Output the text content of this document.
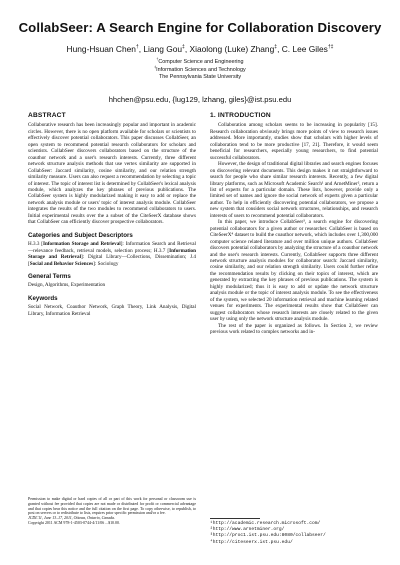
CollabSeer: A Search Engine for Collaboration Discovery
Hung-Hsuan Chen†, Liang Gou‡, Xiaolong (Luke) Zhang‡, C. Lee Giles†‡
†Computer Science and Engineering
‡Information Sciences and Technology
The Pennsylvania State University
hhchen@psu.edu, {lug129, lzhang, giles}@ist.psu.edu
ABSTRACT

Collaborative research has been increasingly popular and important in academic circles. However, there is no open platform available for scholars or scientists to effectively discover potential collaborators. This paper discusses CollabSeer, an open system to recommend potential research collaborators for scholars and scientists. CollabSeer discovers collaborators based on the structure of the coauthor network and a user's research interests. Currently, three different network structure analysis methods that use vertex similarity are supported in CollabSeer: Jaccard similarity, cosine similarity, and our relation strength similarity measure. Users can also request a recommendation by selecting a topic of interest. The topic of interest list is determined by CollabSeer's lexical analysis module, which analyzes the key phrases of previous publications. The CollabSeer system is highly modularized making it easy to add or replace the network analysis module or users' topic of interest analysis module. CollabSeer integrates the results of the two modules to recommend collaborators to users. Initial experimental results over the a subset of the CiteSeerX database shows that CollabSeer can efficiently discover prospective collaborators.

Categories and Subject Descriptors

H.3.3 [Information Storage and Retrieval]: Information Search and Retrieval—relevance feedback, retrieval models, selection process; H.3.7 [Information Storage and Retrieval]: Digital Library—Collections, Dissemination; J.4 [Social and Behavior Sciences]: Sociology

General Terms

Design, Algorithms, Experimentation

Keywords

Social Network, Coauthor Network, Graph Theory, Link Analysis, Digital Library, Information Retrieval

Permission to make digital or hard copies of all or part of this work for personal or classroom use is granted without fee provided that copies are not made or distributed for profit or commercial advantage and that copies bear this notice and the full citation on the first page. To copy otherwise, to republish, to post on servers or to redistribute to lists, requires prior specific permission and/or a fee.

JCDL'11, June 13–17, 2011, Ottawa, Ontario, Canada.

Copyright 2011 ACM 978-1-4503-0744-4/11/06 ...$10.00.

1. INTRODUCTION

Collaboration among scholars seems to be increasing in popularity [15]. Research collaboration obviously brings more points of view to research issues addressed. More importantly, studies show that scholars with higher levels of collaboration tend to be more productive [17, 21]. Therefore, it would seem beneficial for researchers, especially young researchers, to find potential successful collaborators.

However, the design of traditional digital libraries and search engines focuses on discovering relevant documents. This design makes it not straightforward to search for people who share similar research interests. Recently, a few digital library platforms, such as Microsoft Academic Search¹ and ArnetMiner², return a list of experts for a particular domain. These lists, however, provide only a limited set of names and ignore the social network of experts given a particular author. To help in efficiently discovering potential collaborators, we propose a new system that considers social network structures, relationships, and research interests of users to recommend potential collaborators.

In this paper, we introduce CollabSeer³, a search engine for discovering potential collaborators for a given author or researcher. CollabSeer is based on CiteSeerX⁴ dataset to build the coauthor network, which includes over 1,300,000 computer science related literature and over million unique authors. CollabSeer discovers potential collaborators by analyzing the structure of a coauthor network and the user's research interests. Currently, CollabSeer supports three different network structure analysis modules for collaborator search: Jaccard similarity, cosine similarity, and our relation strength similarity. Users could further refine the recommendation results by clicking on their topics of interest, which are generated by extracting the key phrases of previous publications. The system is highly modularized; thus it is easy to add or update the network structure analysis module or the topic of interest analysis module. To see the effectiveness of the system, we selected 20 information retrieval and machine learning related venues for experiments. The experimental results show that CollabSeer can suggest collaborators whose research interests are closely related to the given user by using only the network structure analysis module.

The rest of the paper is organized as follows. In Section 2, we review previous work related to complex networks and in-

¹http://academic.research.microsoft.com/
²http://www.arnetminer.org/
³http://proc1.ist.psu.edu:8080/collabseer/
⁴http://citeseerx.ist.psu.edu/
